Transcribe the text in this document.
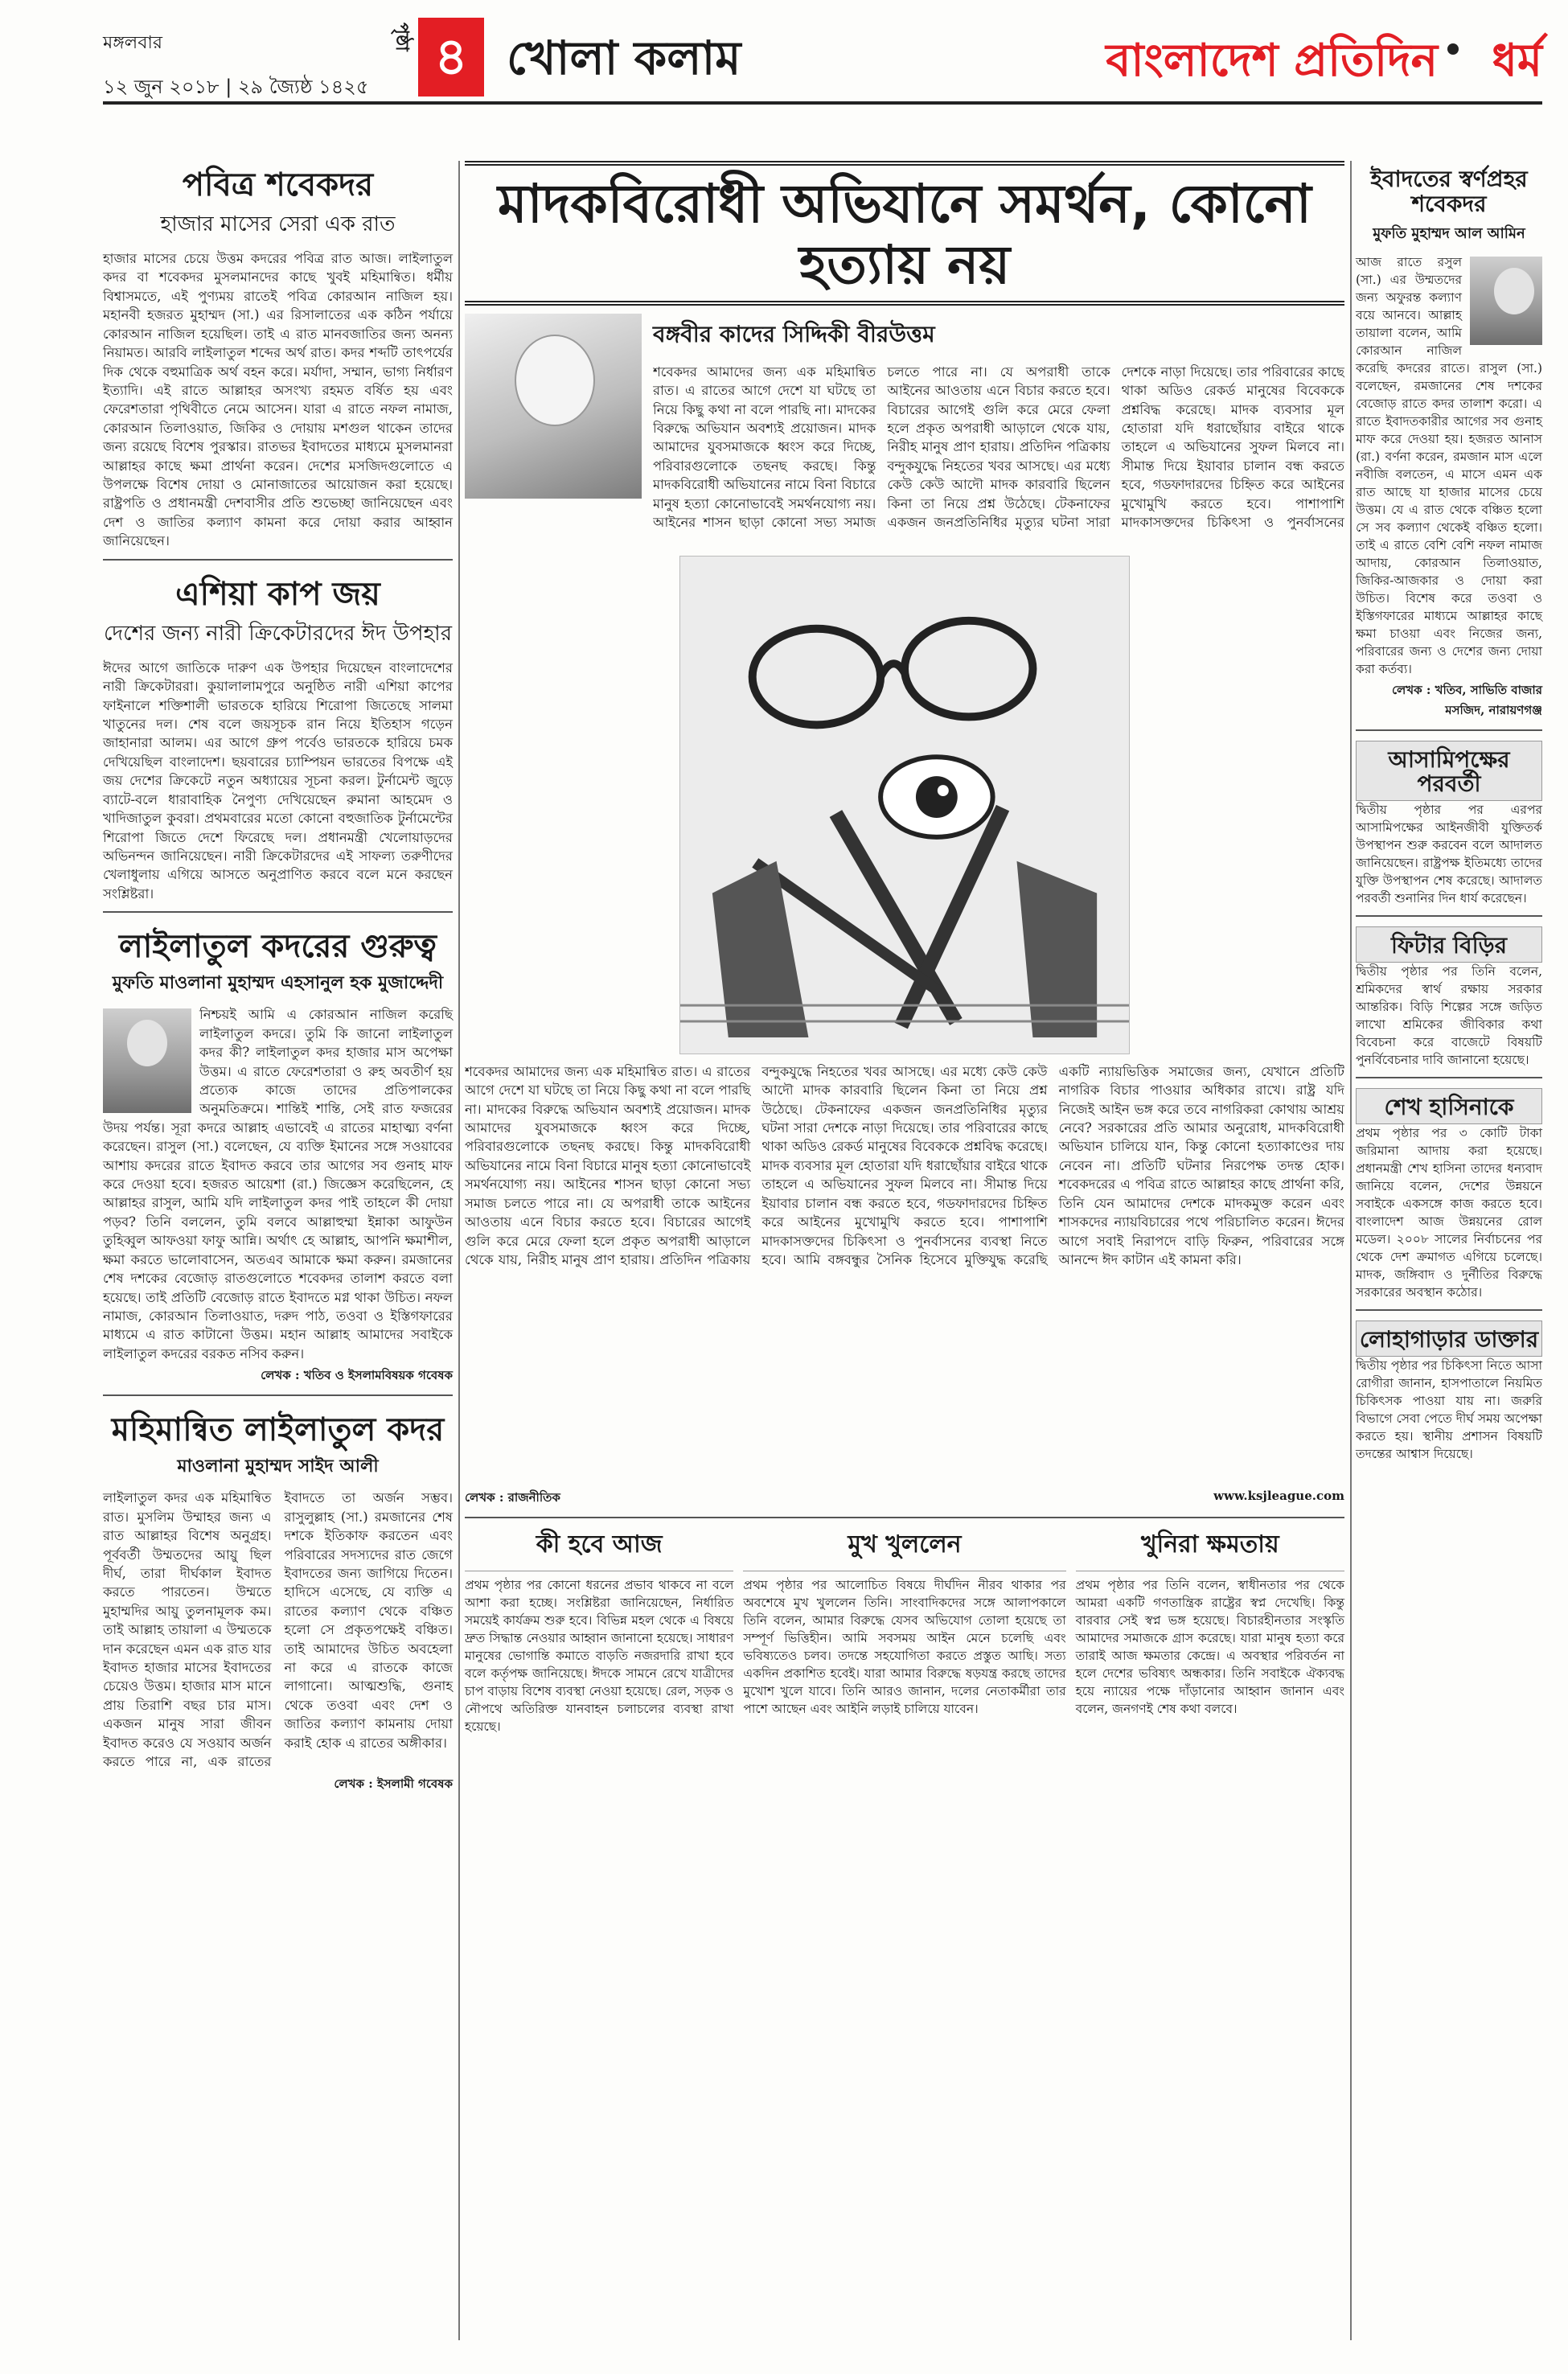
মঙ্গলবার
১২ জুন ২০১৮ | ২৯ জ্যৈষ্ঠ ১৪২৫
পৃষ্ঠা ৪ খোলা কলাম	বাংলাদেশ প্রতিদিন ধর্ম
পবিত্র শবেকদর
হাজার মাসের সেরা এক রাত
হাজার মাসের চেয়ে উত্তম কদরের পবিত্র রাত আজ। লাইলাতুল কদর বা শবেকদর মুসলমানদের কাছে খুবই মহিমান্বিত। ধর্মীয় বিশ্বাসমতে, এই পুণ্যময় রাতেই পবিত্র কোরআন নাজিল হয়। মহানবী হজরত মুহাম্মদ (সা.) এর রিসালাতের এক কঠিন পর্যায়ে কোরআন নাজিল হয়েছিল। তাই এ রাত মানবজাতির জন্য অনন্য নিয়ামত। আরবি লাইলাতুল শব্দের অর্থ রাত। কদর শব্দটি তাৎপর্যের দিক থেকে বহুমাত্রিক অর্থ বহন করে। মর্যাদা, সম্মান, ভাগ্য নির্ধারণ ইত্যাদি। এই রাতে আল্লাহর অসংখ্য রহমত বর্ষিত হয় এবং ফেরেশতারা পৃথিবীতে নেমে আসেন। যারা এ রাতে নফল নামাজ, কোরআন তিলাওয়াত, জিকির ও দোয়ায় মশগুল থাকেন তাদের জন্য রয়েছে বিশেষ পুরস্কার। রাতভর ইবাদতের মাধ্যমে মুসলমানরা আল্লাহর কাছে ক্ষমা প্রার্থনা করেন। দেশের মসজিদগুলোতে এ উপলক্ষে বিশেষ দোয়া ও মোনাজাতের আয়োজন করা হয়েছে। রাষ্ট্রপতি ও প্রধানমন্ত্রী দেশবাসীর প্রতি শুভেচ্ছা জানিয়েছেন এবং দেশ ও জাতির কল্যাণ কামনা করে দোয়া করার আহ্বান জানিয়েছেন।
এশিয়া কাপ জয়
দেশের জন্য নারী ক্রিকেটারদের ঈদ উপহার
ঈদের আগে জাতিকে দারুণ এক উপহার দিয়েছেন বাংলাদেশের নারী ক্রিকেটাররা। কুয়ালালামপুরে অনুষ্ঠিত নারী এশিয়া কাপের ফাইনালে শক্তিশালী ভারতকে হারিয়ে শিরোপা জিতেছে সালমা খাতুনের দল। শেষ বলে জয়সূচক রান নিয়ে ইতিহাস গড়েন জাহানারা আলম। এর আগে গ্রুপ পর্বেও ভারতকে হারিয়ে চমক দেখিয়েছিল বাংলাদেশ। ছয়বারের চ্যাম্পিয়ন ভারতের বিপক্ষে এই জয় দেশের ক্রিকেটে নতুন অধ্যায়ের সূচনা করল। টুর্নামেন্ট জুড়ে ব্যাটে-বলে ধারাবাহিক নৈপুণ্য দেখিয়েছেন রুমানা আহমেদ ও খাদিজাতুল কুবরা। প্রথমবারের মতো কোনো বহুজাতিক টুর্নামেন্টের শিরোপা জিতে দেশে ফিরেছে দল। প্রধানমন্ত্রী খেলোয়াড়দের অভিনন্দন জানিয়েছেন। নারী ক্রিকেটারদের এই সাফল্য তরুণীদের খেলাধুলায় এগিয়ে আসতে অনুপ্রাণিত করবে বলে মনে করছেন সংশ্লিষ্টরা।
লাইলাতুল কদরের গুরুত্ব
মুফতি মাওলানা মুহাম্মদ এহসানুল হক মুজাদ্দেদী
নিশ্চয়ই আমি এ কোরআন নাজিল করেছি লাইলাতুল কদরে। তুমি কি জানো লাইলাতুল কদর কী? লাইলাতুল কদর হাজার মাস অপেক্ষা উত্তম। এ রাতে ফেরেশতারা ও রুহ অবতীর্ণ হয় প্রত্যেক কাজে তাদের প্রতিপালকের অনুমতিক্রমে। শান্তিই শান্তি, সেই রাত ফজরের উদয় পর্যন্ত। সূরা কদরে আল্লাহ এভাবেই এ রাতের মাহাত্ম্য বর্ণনা করেছেন। রাসুল (সা.) বলেছেন, যে ব্যক্তি ইমানের সঙ্গে সওয়াবের আশায় কদরের রাতে ইবাদত করবে তার আগের সব গুনাহ মাফ করে দেওয়া হবে। হজরত আয়েশা (রা.) জিজ্ঞেস করেছিলেন, হে আল্লাহর রাসুল, আমি যদি লাইলাতুল কদর পাই তাহলে কী দোয়া পড়ব? তিনি বললেন, তুমি বলবে আল্লাহুম্মা ইন্নাকা আফুউন তুহিব্বুল আফওয়া ফাফু আন্নি। অর্থাৎ হে আল্লাহ, আপনি ক্ষমাশীল, ক্ষমা করতে ভালোবাসেন, অতএব আমাকে ক্ষমা করুন। রমজানের শেষ দশকের বেজোড় রাতগুলোতে শবেকদর তালাশ করতে বলা হয়েছে। তাই প্রতিটি বেজোড় রাতে ইবাদতে মগ্ন থাকা উচিত। নফল নামাজ, কোরআন তিলাওয়াত, দরুদ পাঠ, তওবা ও ইস্তিগফারের মাধ্যমে এ রাত কাটানো উত্তম। মহান আল্লাহ আমাদের সবাইকে লাইলাতুল কদরের বরকত নসিব করুন।
লেখক : খতিব ও ইসলামবিষয়ক গবেষক
মহিমান্বিত লাইলাতুল কদর
মাওলানা মুহাম্মদ সাইদ আলী
লাইলাতুল কদর এক মহিমান্বিত রাত। মুসলিম উম্মাহর জন্য এ রাত আল্লাহর বিশেষ অনুগ্রহ। পূর্ববর্তী উম্মতদের আয়ু ছিল দীর্ঘ, তারা দীর্ঘকাল ইবাদত করতে পারতেন। উম্মতে মুহাম্মদির আয়ু তুলনামূলক কম। তাই আল্লাহ তায়ালা এ উম্মতকে দান করেছেন এমন এক রাত যার ইবাদত হাজার মাসের ইবাদতের চেয়েও উত্তম। হাজার মাস মানে প্রায় তিরাশি বছর চার মাস। একজন মানুষ সারা জীবন ইবাদত করেও যে সওয়াব অর্জন করতে পারে না, এক রাতের ইবাদতে তা অর্জন সম্ভব। রাসুলুল্লাহ (সা.) রমজানের শেষ দশকে ইতিকাফ করতেন এবং পরিবারের সদস্যদের রাত জেগে ইবাদতের জন্য জাগিয়ে দিতেন। হাদিসে এসেছে, যে ব্যক্তি এ রাতের কল্যাণ থেকে বঞ্চিত হলো সে প্রকৃতপক্ষেই বঞ্চিত। তাই আমাদের উচিত অবহেলা না করে এ রাতকে কাজে লাগানো। আত্মশুদ্ধি, গুনাহ থেকে তওবা এবং দেশ ও জাতির কল্যাণ কামনায় দোয়া করাই হোক এ রাতের অঙ্গীকার।
লেখক : ইসলামী গবেষক
মাদকবিরোধী অভিযানে সমর্থন, কোনো হত্যায় নয়
বঙ্গবীর কাদের সিদ্দিকী বীরউত্তম
শবেকদর আমাদের জন্য এক মহিমান্বিত রাত। এ রাতের আগে দেশে যা ঘটছে তা নিয়ে কিছু কথা না বলে পারছি না। মাদকের বিরুদ্ধে অভিযান অবশ্যই প্রয়োজন। মাদক আমাদের যুবসমাজকে ধ্বংস করে দিচ্ছে, পরিবারগুলোকে তছনছ করছে। কিন্তু মাদকবিরোধী অভিযানের নামে বিনা বিচারে মানুষ হত্যা কোনোভাবেই সমর্থনযোগ্য নয়। আইনের শাসন ছাড়া কোনো সভ্য সমাজ চলতে পারে না। যে অপরাধী তাকে আইনের আওতায় এনে বিচার করতে হবে। বিচারের আগেই গুলি করে মেরে ফেলা হলে প্রকৃত অপরাধী আড়ালে থেকে যায়, নিরীহ মানুষ প্রাণ হারায়। প্রতিদিন পত্রিকায় বন্দুকযুদ্ধে নিহতের খবর আসছে। এর মধ্যে কেউ কেউ আদৌ মাদক কারবারি ছিলেন কিনা তা নিয়ে প্রশ্ন উঠেছে। টেকনাফের একজন জনপ্রতিনিধির মৃত্যুর ঘটনা সারা দেশকে নাড়া দিয়েছে। তার পরিবারের কাছে থাকা অডিও রেকর্ড মানুষের বিবেককে প্রশ্নবিদ্ধ করেছে। মাদক ব্যবসার মূল হোতারা যদি ধরাছোঁয়ার বাইরে থাকে তাহলে এ অভিযানের সুফল মিলবে না। সীমান্ত দিয়ে ইয়াবার চালান বন্ধ করতে হবে, গডফাদারদের চিহ্নিত করে আইনের মুখোমুখি করতে হবে। পাশাপাশি মাদকাসক্তদের চিকিৎসা ও পুনর্বাসনের
শবেকদর আমাদের জন্য এক মহিমান্বিত রাত। এ রাতের আগে দেশে যা ঘটছে তা নিয়ে কিছু কথা না বলে পারছি না। মাদকের বিরুদ্ধে অভিযান অবশ্যই প্রয়োজন। মাদক আমাদের যুবসমাজকে ধ্বংস করে দিচ্ছে, পরিবারগুলোকে তছনছ করছে। কিন্তু মাদকবিরোধী অভিযানের নামে বিনা বিচারে মানুষ হত্যা কোনোভাবেই সমর্থনযোগ্য নয়। আইনের শাসন ছাড়া কোনো সভ্য সমাজ চলতে পারে না। যে অপরাধী তাকে আইনের আওতায় এনে বিচার করতে হবে। বিচারের আগেই গুলি করে মেরে ফেলা হলে প্রকৃত অপরাধী আড়ালে থেকে যায়, নিরীহ মানুষ প্রাণ হারায়। প্রতিদিন পত্রিকায় বন্দুকযুদ্ধে নিহতের খবর আসছে। এর মধ্যে কেউ কেউ আদৌ মাদক কারবারি ছিলেন কিনা তা নিয়ে প্রশ্ন উঠেছে। টেকনাফের একজন জনপ্রতিনিধির মৃত্যুর ঘটনা সারা দেশকে নাড়া দিয়েছে। তার পরিবারের কাছে থাকা অডিও রেকর্ড মানুষের বিবেককে প্রশ্নবিদ্ধ করেছে। মাদক ব্যবসার মূল হোতারা যদি ধরাছোঁয়ার বাইরে থাকে তাহলে এ অভিযানের সুফল মিলবে না। সীমান্ত দিয়ে ইয়াবার চালান বন্ধ করতে হবে, গডফাদারদের চিহ্নিত করে আইনের মুখোমুখি করতে হবে। পাশাপাশি মাদকাসক্তদের চিকিৎসা ও পুনর্বাসনের ব্যবস্থা নিতে হবে। আমি বঙ্গবন্ধুর সৈনিক হিসেবে মুক্তিযুদ্ধ করেছি একটি ন্যায়ভিত্তিক সমাজের জন্য, যেখানে প্রতিটি নাগরিক বিচার পাওয়ার অধিকার রাখে। রাষ্ট্র যদি নিজেই আইন ভঙ্গ করে তবে নাগরিকরা কোথায় আশ্রয় নেবে? সরকারের প্রতি আমার অনুরোধ, মাদকবিরোধী অভিযান চালিয়ে যান, কিন্তু কোনো হত্যাকাণ্ডের দায় নেবেন না। প্রতিটি ঘটনার নিরপেক্ষ তদন্ত হোক। শবেকদরের এ পবিত্র রাতে আল্লাহর কাছে প্রার্থনা করি, তিনি যেন আমাদের দেশকে মাদকমুক্ত করেন এবং শাসকদের ন্যায়বিচারের পথে পরিচালিত করেন। ঈদের আগে সবাই নিরাপদে বাড়ি ফিরুন, পরিবারের সঙ্গে আনন্দে ঈদ কাটান এই কামনা করি।
লেখক : রাজনীতিক	www.ksjleague.com
কী হবে আজ
প্রথম পৃষ্ঠার পর কোনো ধরনের প্রভাব থাকবে না বলে আশা করা হচ্ছে। সংশ্লিষ্টরা জানিয়েছেন, নির্ধারিত সময়েই কার্যক্রম শুরু হবে। বিভিন্ন মহল থেকে এ বিষয়ে দ্রুত সিদ্ধান্ত নেওয়ার আহ্বান জানানো হয়েছে। সাধারণ মানুষের ভোগান্তি কমাতে বাড়তি নজরদারি রাখা হবে বলে কর্তৃপক্ষ জানিয়েছে। ঈদকে সামনে রেখে যাত্রীদের চাপ বাড়ায় বিশেষ ব্যবস্থা নেওয়া হয়েছে। রেল, সড়ক ও নৌপথে অতিরিক্ত যানবাহন চলাচলের ব্যবস্থা রাখা হয়েছে।
মুখ খুললেন
প্রথম পৃষ্ঠার পর আলোচিত বিষয়ে দীর্ঘদিন নীরব থাকার পর অবশেষে মুখ খুললেন তিনি। সাংবাদিকদের সঙ্গে আলাপকালে তিনি বলেন, আমার বিরুদ্ধে যেসব অভিযোগ তোলা হয়েছে তা সম্পূর্ণ ভিত্তিহীন। আমি সবসময় আইন মেনে চলেছি এবং ভবিষ্যতেও চলব। তদন্তে সহযোগিতা করতে প্রস্তুত আছি। সত্য একদিন প্রকাশিত হবেই। যারা আমার বিরুদ্ধে ষড়যন্ত্র করছে তাদের মুখোশ খুলে যাবে। তিনি আরও জানান, দলের নেতাকর্মীরা তার পাশে আছেন এবং আইনি লড়াই চালিয়ে যাবেন।
খুনিরা ক্ষমতায়
প্রথম পৃষ্ঠার পর তিনি বলেন, স্বাধীনতার পর থেকে আমরা একটি গণতান্ত্রিক রাষ্ট্রের স্বপ্ন দেখেছি। কিন্তু বারবার সেই স্বপ্ন ভঙ্গ হয়েছে। বিচারহীনতার সংস্কৃতি আমাদের সমাজকে গ্রাস করেছে। যারা মানুষ হত্যা করে তারাই আজ ক্ষমতার কেন্দ্রে। এ অবস্থার পরিবর্তন না হলে দেশের ভবিষ্যৎ অন্ধকার। তিনি সবাইকে ঐক্যবদ্ধ হয়ে ন্যায়ের পক্ষে দাঁড়ানোর আহ্বান জানান এবং বলেন, জনগণই শেষ কথা বলবে।
ইবাদতের স্বর্ণপ্রহর শবেকদর
মুফতি মুহাম্মদ আল আমিন
আজ রাতে রসুল (সা.) এর উম্মতদের জন্য অফুরন্ত কল্যাণ বয়ে আনবে। আল্লাহ তায়ালা বলেন, আমি কোরআন নাজিল করেছি কদরের রাতে। রাসুল (সা.) বলেছেন, রমজানের শেষ দশকের বেজোড় রাতে কদর তালাশ করো। এ রাতে ইবাদতকারীর আগের সব গুনাহ মাফ করে দেওয়া হয়। হজরত আনাস (রা.) বর্ণনা করেন, রমজান মাস এলে নবীজি বলতেন, এ মাসে এমন এক রাত আছে যা হাজার মাসের চেয়ে উত্তম। যে এ রাত থেকে বঞ্চিত হলো সে সব কল্যাণ থেকেই বঞ্চিত হলো। তাই এ রাতে বেশি বেশি নফল নামাজ আদায়, কোরআন তিলাওয়াত, জিকির-আজকার ও দোয়া করা উচিত। বিশেষ করে তওবা ও ইস্তিগফারের মাধ্যমে আল্লাহর কাছে ক্ষমা চাওয়া এবং নিজের জন্য, পরিবারের জন্য ও দেশের জন্য দোয়া করা কর্তব্য।
লেখক : খতিব, সাভিতি বাজার মসজিদ, নারায়ণগঞ্জ
আসামিপক্ষের পরবর্তী
দ্বিতীয় পৃষ্ঠার পর এরপর আসামিপক্ষের আইনজীবী যুক্তিতর্ক উপস্থাপন শুরু করবেন বলে আদালত জানিয়েছেন। রাষ্ট্রপক্ষ ইতিমধ্যে তাদের যুক্তি উপস্থাপন শেষ করেছে। আদালত পরবর্তী শুনানির দিন ধার্য করেছেন।
ফিটার বিড়ির
দ্বিতীয় পৃষ্ঠার পর তিনি বলেন, শ্রমিকদের স্বার্থ রক্ষায় সরকার আন্তরিক। বিড়ি শিল্পের সঙ্গে জড়িত লাখো শ্রমিকের জীবিকার কথা বিবেচনা করে বাজেটে বিষয়টি পুনর্বিবেচনার দাবি জানানো হয়েছে।
শেখ হাসিনাকে
প্রথম পৃষ্ঠার পর ৩ কোটি টাকা জরিমানা আদায় করা হয়েছে। প্রধানমন্ত্রী শেখ হাসিনা তাদের ধন্যবাদ জানিয়ে বলেন, দেশের উন্নয়নে সবাইকে একসঙ্গে কাজ করতে হবে। বাংলাদেশ আজ উন্নয়নের রোল মডেল। ২০০৮ সালের নির্বাচনের পর থেকে দেশ ক্রমাগত এগিয়ে চলেছে। মাদক, জঙ্গিবাদ ও দুর্নীতির বিরুদ্ধে সরকারের অবস্থান কঠোর।
লোহাগাড়ার ডাক্তার
দ্বিতীয় পৃষ্ঠার পর চিকিৎসা নিতে আসা রোগীরা জানান, হাসপাতালে নিয়মিত চিকিৎসক পাওয়া যায় না। জরুরি বিভাগে সেবা পেতে দীর্ঘ সময় অপেক্ষা করতে হয়। স্থানীয় প্রশাসন বিষয়টি তদন্তের আশ্বাস দিয়েছে।
